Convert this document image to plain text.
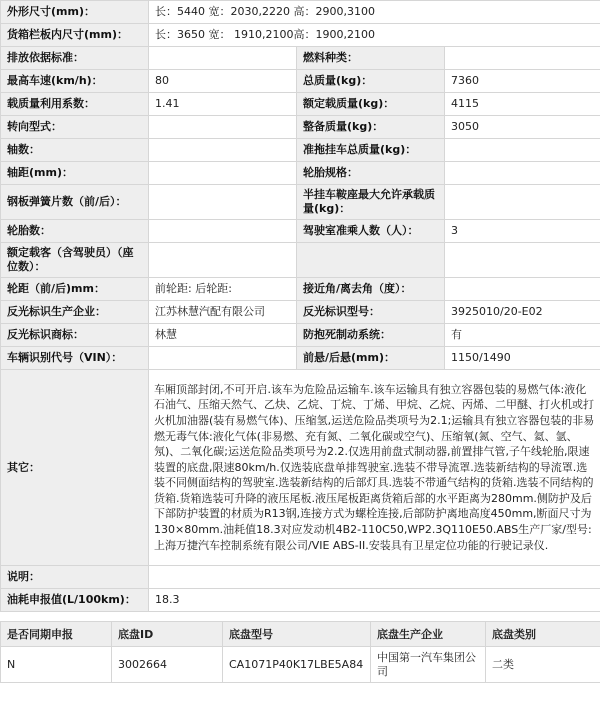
外形尺寸(mm)：	长：5440 宽：2030,2220 高：2900,3100		
货箱栏板内尺寸(mm)：	长：3650 宽： 1910,2100高：1900,2100		
排放依据标准：		燃料种类：	
最高车速(km/h)：	80	总质量(kg)：	7360
载质量利用系数：	1.41	额定载质量(kg)：	4115
转向型式：		整备质量(kg)：	3050
轴数：		准拖挂车总质量(kg)：	
轴距(mm)：		轮胎规格：	
钢板弹簧片数（前/后）：		半挂车鞍座最大允许承载质量(kg)：	
轮胎数：		驾驶室准乘人数（人）：	3
额定载客（含驾驶员）（座位数）：			
轮距（前/后)mm：	前轮距: 后轮距:	接近角/离去角（度）：	
反光标识生产企业：	江苏林慧汽配有限公司	反光标识型号：	3925010/20-E02
反光标识商标：	林慧	防抱死制动系统：	有
车辆识别代号（VIN）：		前悬/后悬(mm)：	1150/1490
其它：	车厢顶部封闭,不可开启.该车为危险品运输车.该车运输具有独立容器包装的易燃气体:液化石油气、压缩天然气、乙炔、乙烷、丁烷、丁烯、甲烷、乙烷、丙烯、二甲醚、打火机或打火机加油器(装有易燃气体)、压缩氢,运送危险品类项号为2.1;运输具有独立容器包装的非易燃无毒气体:液化气体(非易燃、充有氮、二氧化碳或空气)、压缩氧(氮、空气、氦、氩、氖)、二氧化碳;运送危险品类项号为2.2.仅选用前盘式制动器,前置排气管,子午线轮胎,限速装置的底盘,限速80km/h.仅选装底盘单排驾驶室.选装不带导流罩.选装新结构的导流罩.选装不同侧面结构的驾驶室.选装新结构的后部灯具.选装不带通气结构的货箱.选装不同结构的货箱.货箱选装可升降的液压尾板.液压尾板距离货箱后部的水平距离为280mm.侧防护及后下部防护装置的材质为R13钢,连接方式为螺栓连接,后部防护离地高度450mm,断面尺寸为130×80mm.油耗值18.3对应发动机4B2-110C50,WP2.3Q110E50.ABS生产厂家/型号:上海万捷汽车控制系统有限公司/VIE ABS-II.安装具有卫星定位功能的行驶记录仪.		
说明：			
油耗申报值(L/100km)：	18.3		
是否同期申报	底盘ID	底盘型号	底盘生产企业	底盘类别
N	3002664	CA1071P40K17LBE5A84	中国第一汽车集团公司	二类
